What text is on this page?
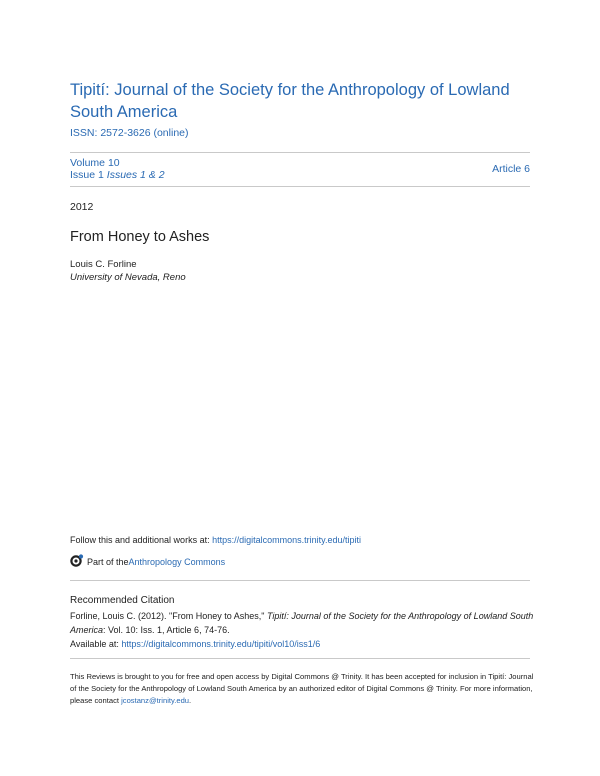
Tipití: Journal of the Society for the Anthropology of Lowland South America
ISSN: 2572-3626 (online)
Volume 10
Issue 1 Issues 1 & 2	Article 6
2012
From Honey to Ashes
Louis C. Forline
University of Nevada, Reno
Follow this and additional works at: https://digitalcommons.trinity.edu/tipiti
Part of the Anthropology Commons
Recommended Citation
Forline, Louis C. (2012). "From Honey to Ashes," Tipití: Journal of the Society for the Anthropology of Lowland South America: Vol. 10: Iss. 1, Article 6, 74-76.
Available at: https://digitalcommons.trinity.edu/tipiti/vol10/iss1/6
This Reviews is brought to you for free and open access by Digital Commons @ Trinity. It has been accepted for inclusion in Tipití: Journal of the Society for the Anthropology of Lowland South America by an authorized editor of Digital Commons @ Trinity. For more information, please contact jcostanz@trinity.edu.
